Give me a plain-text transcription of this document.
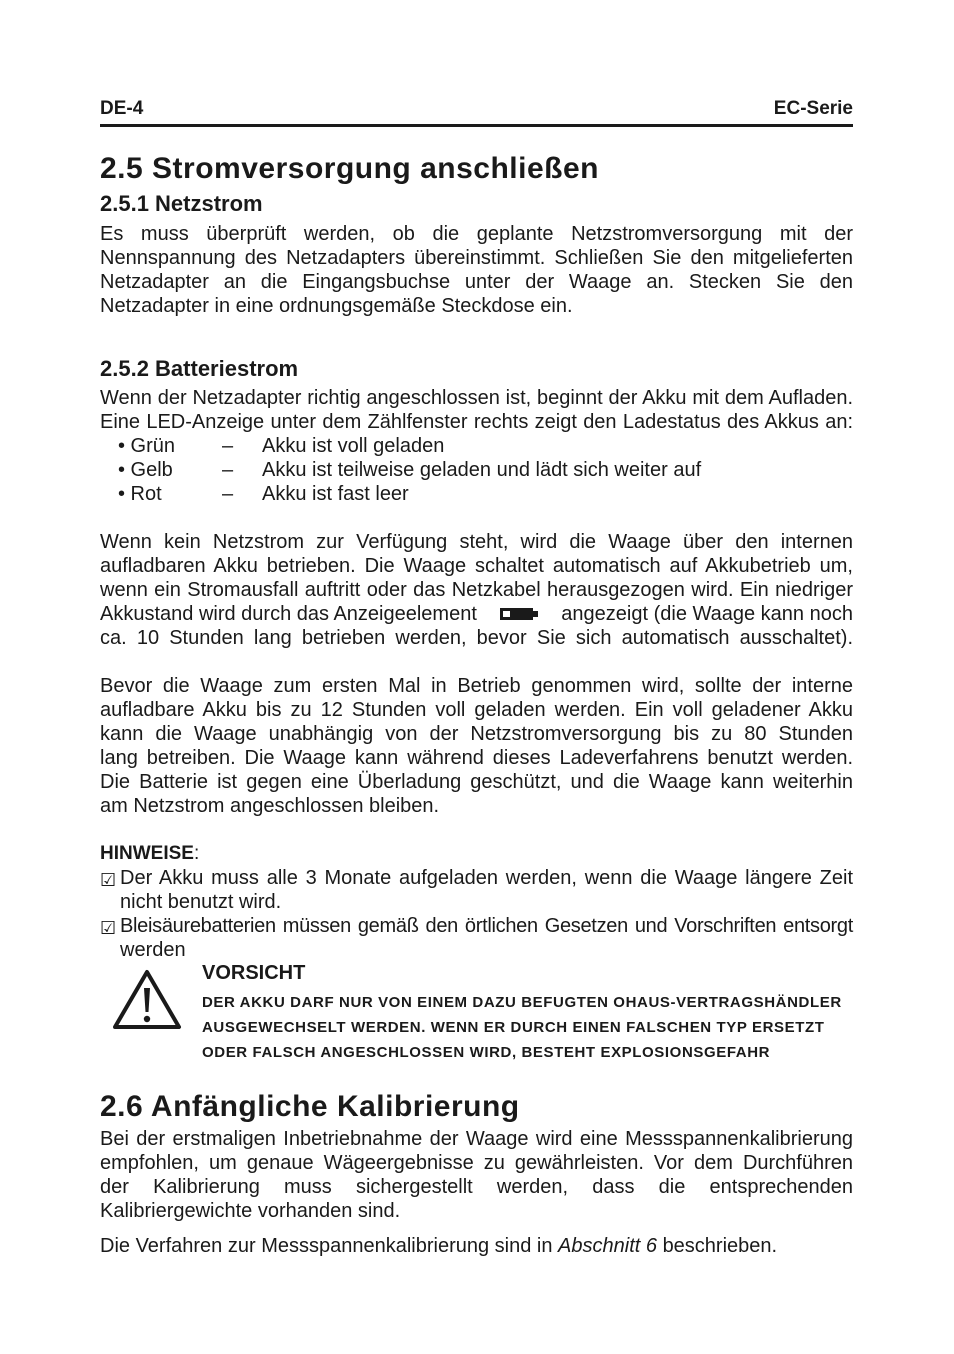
DE-4	EC-Serie
2.5 Stromversorgung anschließen
2.5.1 Netzstrom
Es muss überprüft werden, ob die geplante Netzstromversorgung mit der
Nennspannung des Netzadapters übereinstimmt. Schließen Sie den mitgelieferten
Netzadapter an die Eingangsbuchse unter der Waage an. Stecken Sie den
Netzadapter in eine ordnungsgemäße Steckdose ein.
2.5.2 Batteriestrom
Wenn der Netzadapter richtig angeschlossen ist, beginnt der Akku mit dem Aufladen.
Eine LED-Anzeige unter dem Zählfenster rechts zeigt den Ladestatus des Akkus an:
• Grün – Akku ist voll geladen
• Gelb – Akku ist teilweise geladen und lädt sich weiter auf
• Rot	– Akku ist fast leer
Wenn kein Netzstrom zur Verfügung steht, wird die Waage über den internen
aufladbaren Akku betrieben. Die Waage schaltet automatisch auf Akkubetrieb um,
wenn ein Stromausfall auftritt oder das Netzkabel herausgezogen wird. Ein niedriger
Akkustand wird durch das Anzeigeelement	angezeigt (die Waage kann noch
ca. 10 Stunden lang betrieben werden, bevor Sie sich automatisch ausschaltet).
Bevor die Waage zum ersten Mal in Betrieb genommen wird, sollte der interne
aufladbare Akku bis zu 12 Stunden voll geladen werden. Ein voll geladener Akku
kann die Waage unabhängig von der Netzstromversorgung bis zu 80 Stunden
lang betreiben. Die Waage kann während dieses Ladeverfahrens benutzt werden.
Die Batterie ist gegen eine Überladung geschützt, und die Waage kann weiterhin
am Netzstrom angeschlossen bleiben.
HINWEISE:
☑ Der Akku muss alle 3 Monate aufgeladen werden, wenn die Waage längere Zeit
nicht benutzt wird.
☑ Bleisäurebatterien müssen gemäß den örtlichen Gesetzen und Vorschriften entsorgt
werden
VORSICHT
DER AKKU DARF NUR VON EINEM DAZU BEFUGTEN OHAUS-VERTRAGSHÄNDLER
AUSGEWECHSELT WERDEN. WENN ER DURCH EINEN FALSCHEN TYP ERSETZT
ODER FALSCH ANGESCHLOSSEN WIRD, BESTEHT EXPLOSIONSGEFAHR
2.6 Anfängliche Kalibrierung
Bei der erstmaligen Inbetriebnahme der Waage wird eine Messspannenkalibrierung
empfohlen, um genaue Wägeergebnisse zu gewährleisten. Vor dem Durchführen
der Kalibrierung muss sichergestellt werden, dass die entsprechenden
Kalibriergewichte vorhanden sind.
Die Verfahren zur Messspannenkalibrierung sind in Abschnitt 6 beschrieben.
